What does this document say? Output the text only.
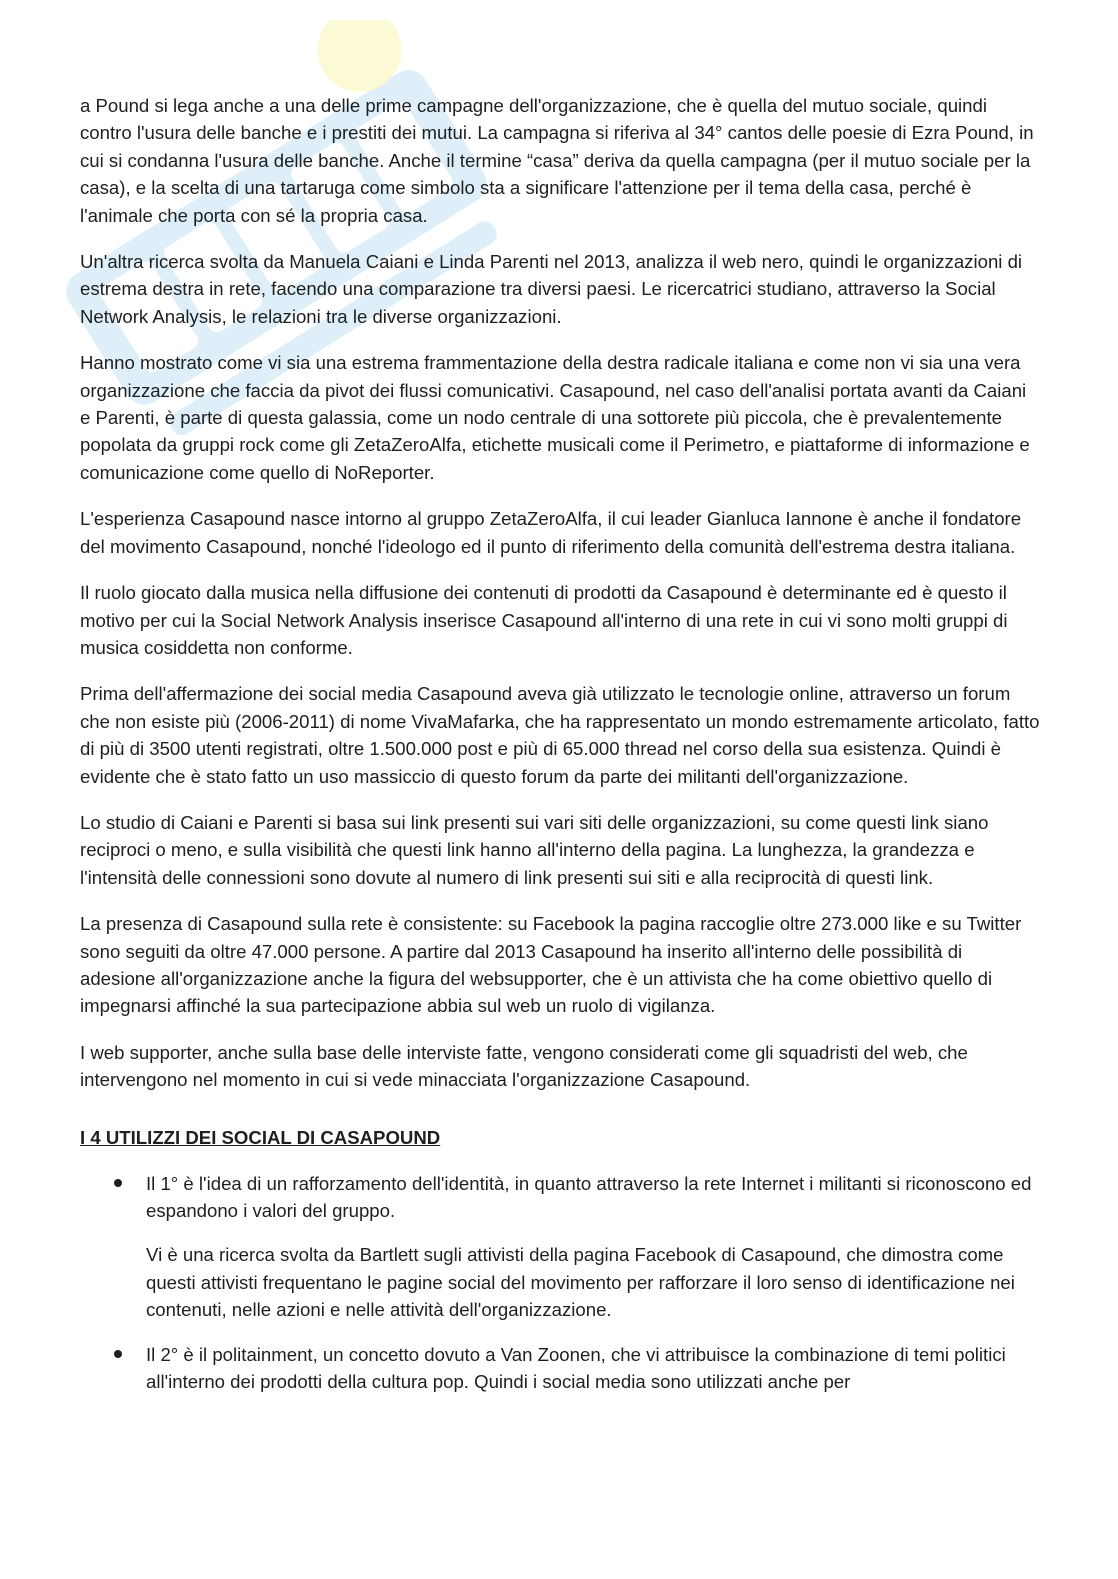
a Pound si lega anche a una delle prime campagne dell'organizzazione, che è quella del mutuo sociale, quindi contro l'usura delle banche e i prestiti dei mutui. La campagna si riferiva al 34° cantos delle poesie di Ezra Pound, in cui si condanna l'usura delle banche. Anche il termine “casa” deriva da quella campagna (per il mutuo sociale per la casa), e la scelta di una tartaruga come simbolo sta a significare l'attenzione per il tema della casa, perché è l'animale che porta con sé la propria casa.

Un'altra ricerca svolta da Manuela Caiani e Linda Parenti nel 2013, analizza il web nero, quindi le organizzazioni di estrema destra in rete, facendo una comparazione tra diversi paesi. Le ricercatrici studiano, attraverso la Social Network Analysis, le relazioni tra le diverse organizzazioni.

Hanno mostrato come vi sia una estrema frammentazione della destra radicale italiana e come non vi sia una vera organizzazione che faccia da pivot dei flussi comunicativi. Casapound, nel caso dell'analisi portata avanti da Caiani e Parenti, è parte di questa galassia, come un nodo centrale di una sottorete più piccola, che è prevalentemente popolata da gruppi rock come gli ZetaZeroAlfa, etichette musicali come il Perimetro, e piattaforme di informazione e comunicazione come quello di NoReporter.

L'esperienza Casapound nasce intorno al gruppo ZetaZeroAlfa, il cui leader Gianluca Iannone è anche il fondatore del movimento Casapound, nonché l'ideologo ed il punto di riferimento della comunità dell'estrema destra italiana.

Il ruolo giocato dalla musica nella diffusione dei contenuti di prodotti da Casapound è determinante ed è questo il motivo per cui la Social Network Analysis inserisce Casapound all'interno di una rete in cui vi sono molti gruppi di musica cosiddetta non conforme.

Prima dell'affermazione dei social media Casapound aveva già utilizzato le tecnologie online, attraverso un forum che non esiste più (2006-2011) di nome VivaMafarka, che ha rappresentato un mondo estremamente articolato, fatto di più di 3500 utenti registrati, oltre 1.500.000 post e più di 65.000 thread nel corso della sua esistenza. Quindi è evidente che è stato fatto un uso massiccio di questo forum da parte dei militanti dell'organizzazione.

Lo studio di Caiani e Parenti si basa sui link presenti sui vari siti delle organizzazioni, su come questi link siano reciproci o meno, e sulla visibilità che questi link hanno all'interno della pagina. La lunghezza, la grandezza e l'intensità delle connessioni sono dovute al numero di link presenti sui siti e alla reciprocità di questi link.

La presenza di Casapound sulla rete è consistente: su Facebook la pagina raccoglie oltre 273.000 like e su Twitter sono seguiti da oltre 47.000 persone. A partire dal 2013 Casapound ha inserito all'interno delle possibilità di adesione all'organizzazione anche la figura del websupporter, che è un attivista che ha come obiettivo quello di impegnarsi affinché la sua partecipazione abbia sul web un ruolo di vigilanza.

I web supporter, anche sulla base delle interviste fatte, vengono considerati come gli squadristi del web, che intervengono nel momento in cui si vede minacciata l'organizzazione Casapound.

I 4 UTILIZZI DEI SOCIAL DI CASAPOUND

Il 1° è l'idea di un rafforzamento dell'identità, in quanto attraverso la rete Internet i militanti si riconoscono ed espandono i valori del gruppo.

Vi è una ricerca svolta da Bartlett sugli attivisti della pagina Facebook di Casapound, che dimostra come questi attivisti frequentano le pagine social del movimento per rafforzare il loro senso di identificazione nei contenuti, nelle azioni e nelle attività dell'organizzazione.

Il 2° è il politainment, un concetto dovuto a Van Zoonen, che vi attribuisce la combinazione di temi politici all'interno dei prodotti della cultura pop. Quindi i social media sono utilizzati anche per
